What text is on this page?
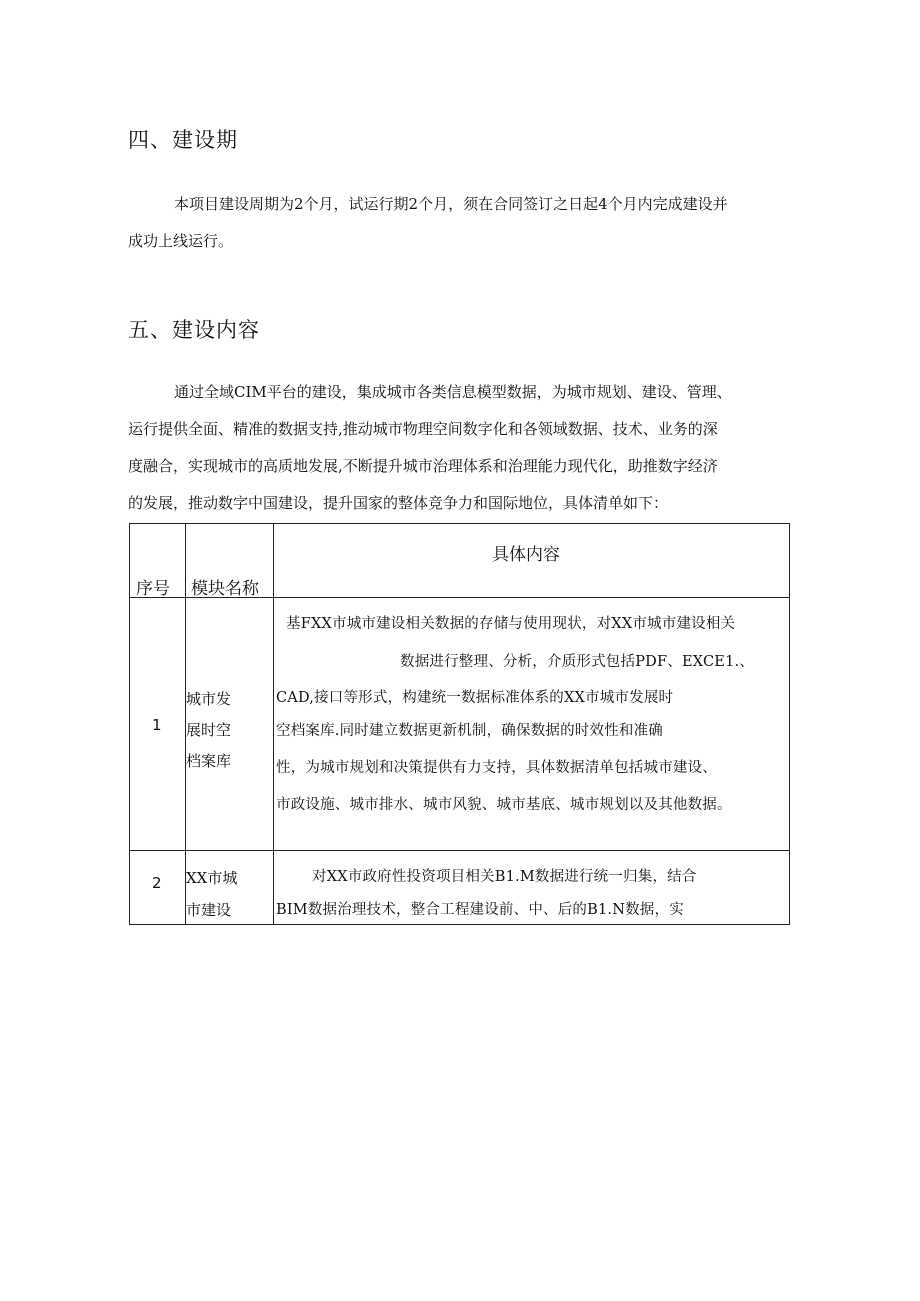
四、建设期

本项目建设周期为2个月，试运行期2个月，须在合同签订之日起4个月内完成建设并
成功上线运行。

五、建设内容

通过全域CIM平台的建设，集成城市各类信息模型数据，为城市规划、建设、管理、
运行提供全面、精准的数据支持,推动城市物理空间数字化和各领域数据、技术、业务的深
度融合，实现城市的高质地发展,不断提升城市治理体系和治理能力现代化，助推数字经济
的发展，推动数字中国建设，提升国家的整体竞争力和国际地位，具体清单如下：

序号 模块名称
具体内容
1
城市发
展时空
档案库
基FXX市城市建设相关数据的存储与使用现状，对XX市城市建设相关
数据进行整理、分析，介质形式包括PDF、EXCE1.、
CAD,接口等形式，构建统一数据标准体系的XX市城市发展时
空档案库.同时建立数据更新机制，确保数据的时效性和准确
性，为城市规划和决策提供有力支持，具体数据清单包括城市建设、
市政设施、城市排水、城市风貌、城市基底、城市规划以及其他数据。
2 XX市城
市建设
对XX市政府性投资项目相关B1.M数据进行统一归集，结合
BIM数据治理技术，整合工程建设前、中、后的B1.N数据，实
